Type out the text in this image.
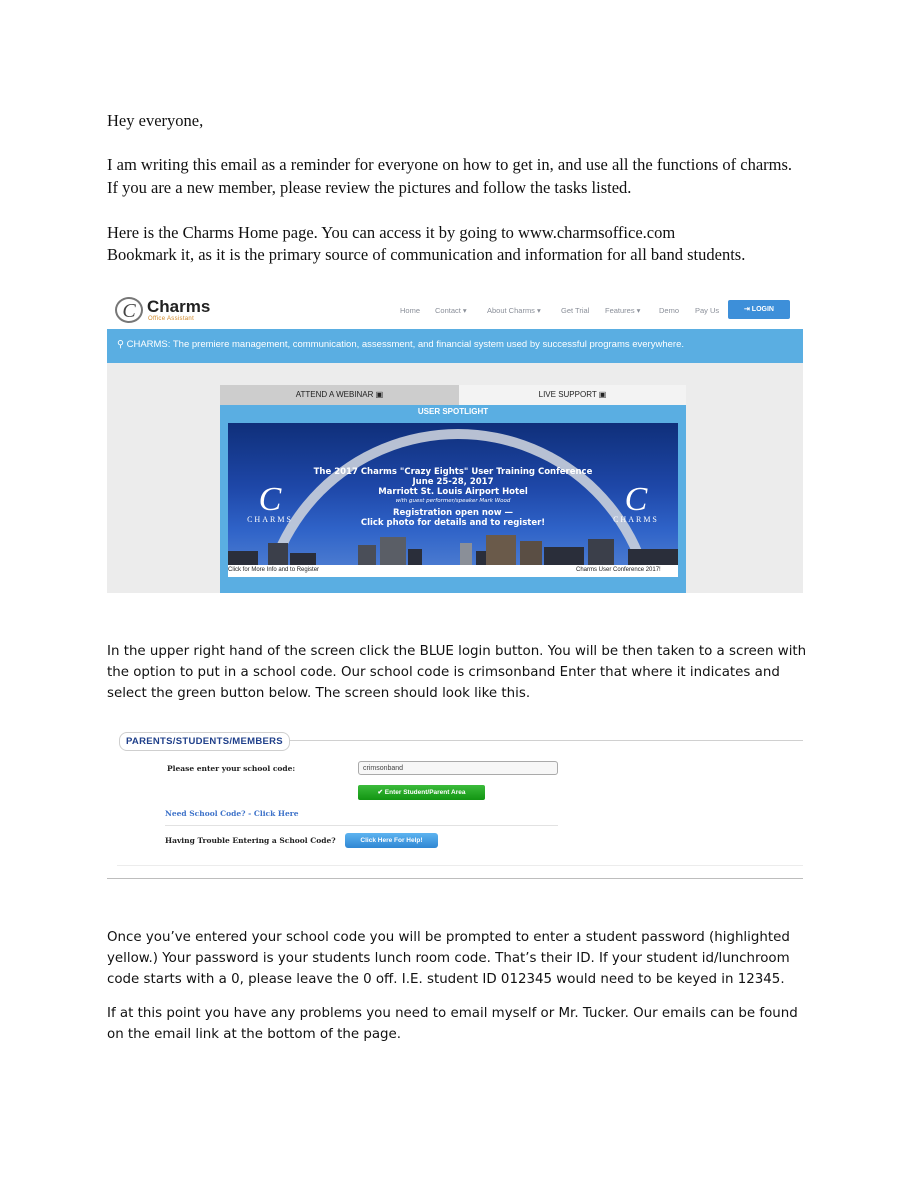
Hey everyone,

I am writing this email as a reminder for everyone on how to get in, and use all the functions of charms. If you are a new member, please review the pictures and follow the tasks listed.

Here is the Charms Home page. You can access it by going to www.charmsoffice.com

Bookmark it, as it is the primary source of communication and information for all band students.

C Charms
Office Assistant
Home Contact ▾	About Charms ▾	Get Trial Features ▾ Demo Pay Us	⇥ LOGIN
⚲ CHARMS: The premiere management, communication, assessment, and financial system used by successful programs everywhere.
ATTEND A WEBINAR ▣	LIVE SUPPORT ▣
USER SPOTLIGHT
C
CHARMS
C
CHARMS
The 2017 Charms "Crazy Eights" User Training Conference
June 25-28, 2017
Marriott St. Louis Airport Hotel
with guest performer/speaker Mark Wood
Registration open now —
Click photo for details and to register!
Click for More Info and to Register	Charms User Conference 2017!

In the upper right hand of the screen click the BLUE login button. You will be then taken to a screen with the option to put in a school code. Our school code is crimsonband Enter that where it indicates and select the green button below. The screen should look like this.

PARENTS/STUDENTS/MEMBERS
Please enter your school code:	crimsonband
✔ Enter Student/Parent Area
Need School Code? - Click Here
Having Trouble Entering a School Code?	Click Here For Help!

Once you’ve entered your school code you will be prompted to enter a student password (highlighted yellow.) Your password is your students lunch room code. That’s their ID. If your student id/lunchroom code starts with a 0, please leave the 0 off. I.E. student ID 012345 would need to be keyed in 12345.

If at this point you have any problems you need to email myself or Mr. Tucker. Our emails can be found on the email link at the bottom of the page.
